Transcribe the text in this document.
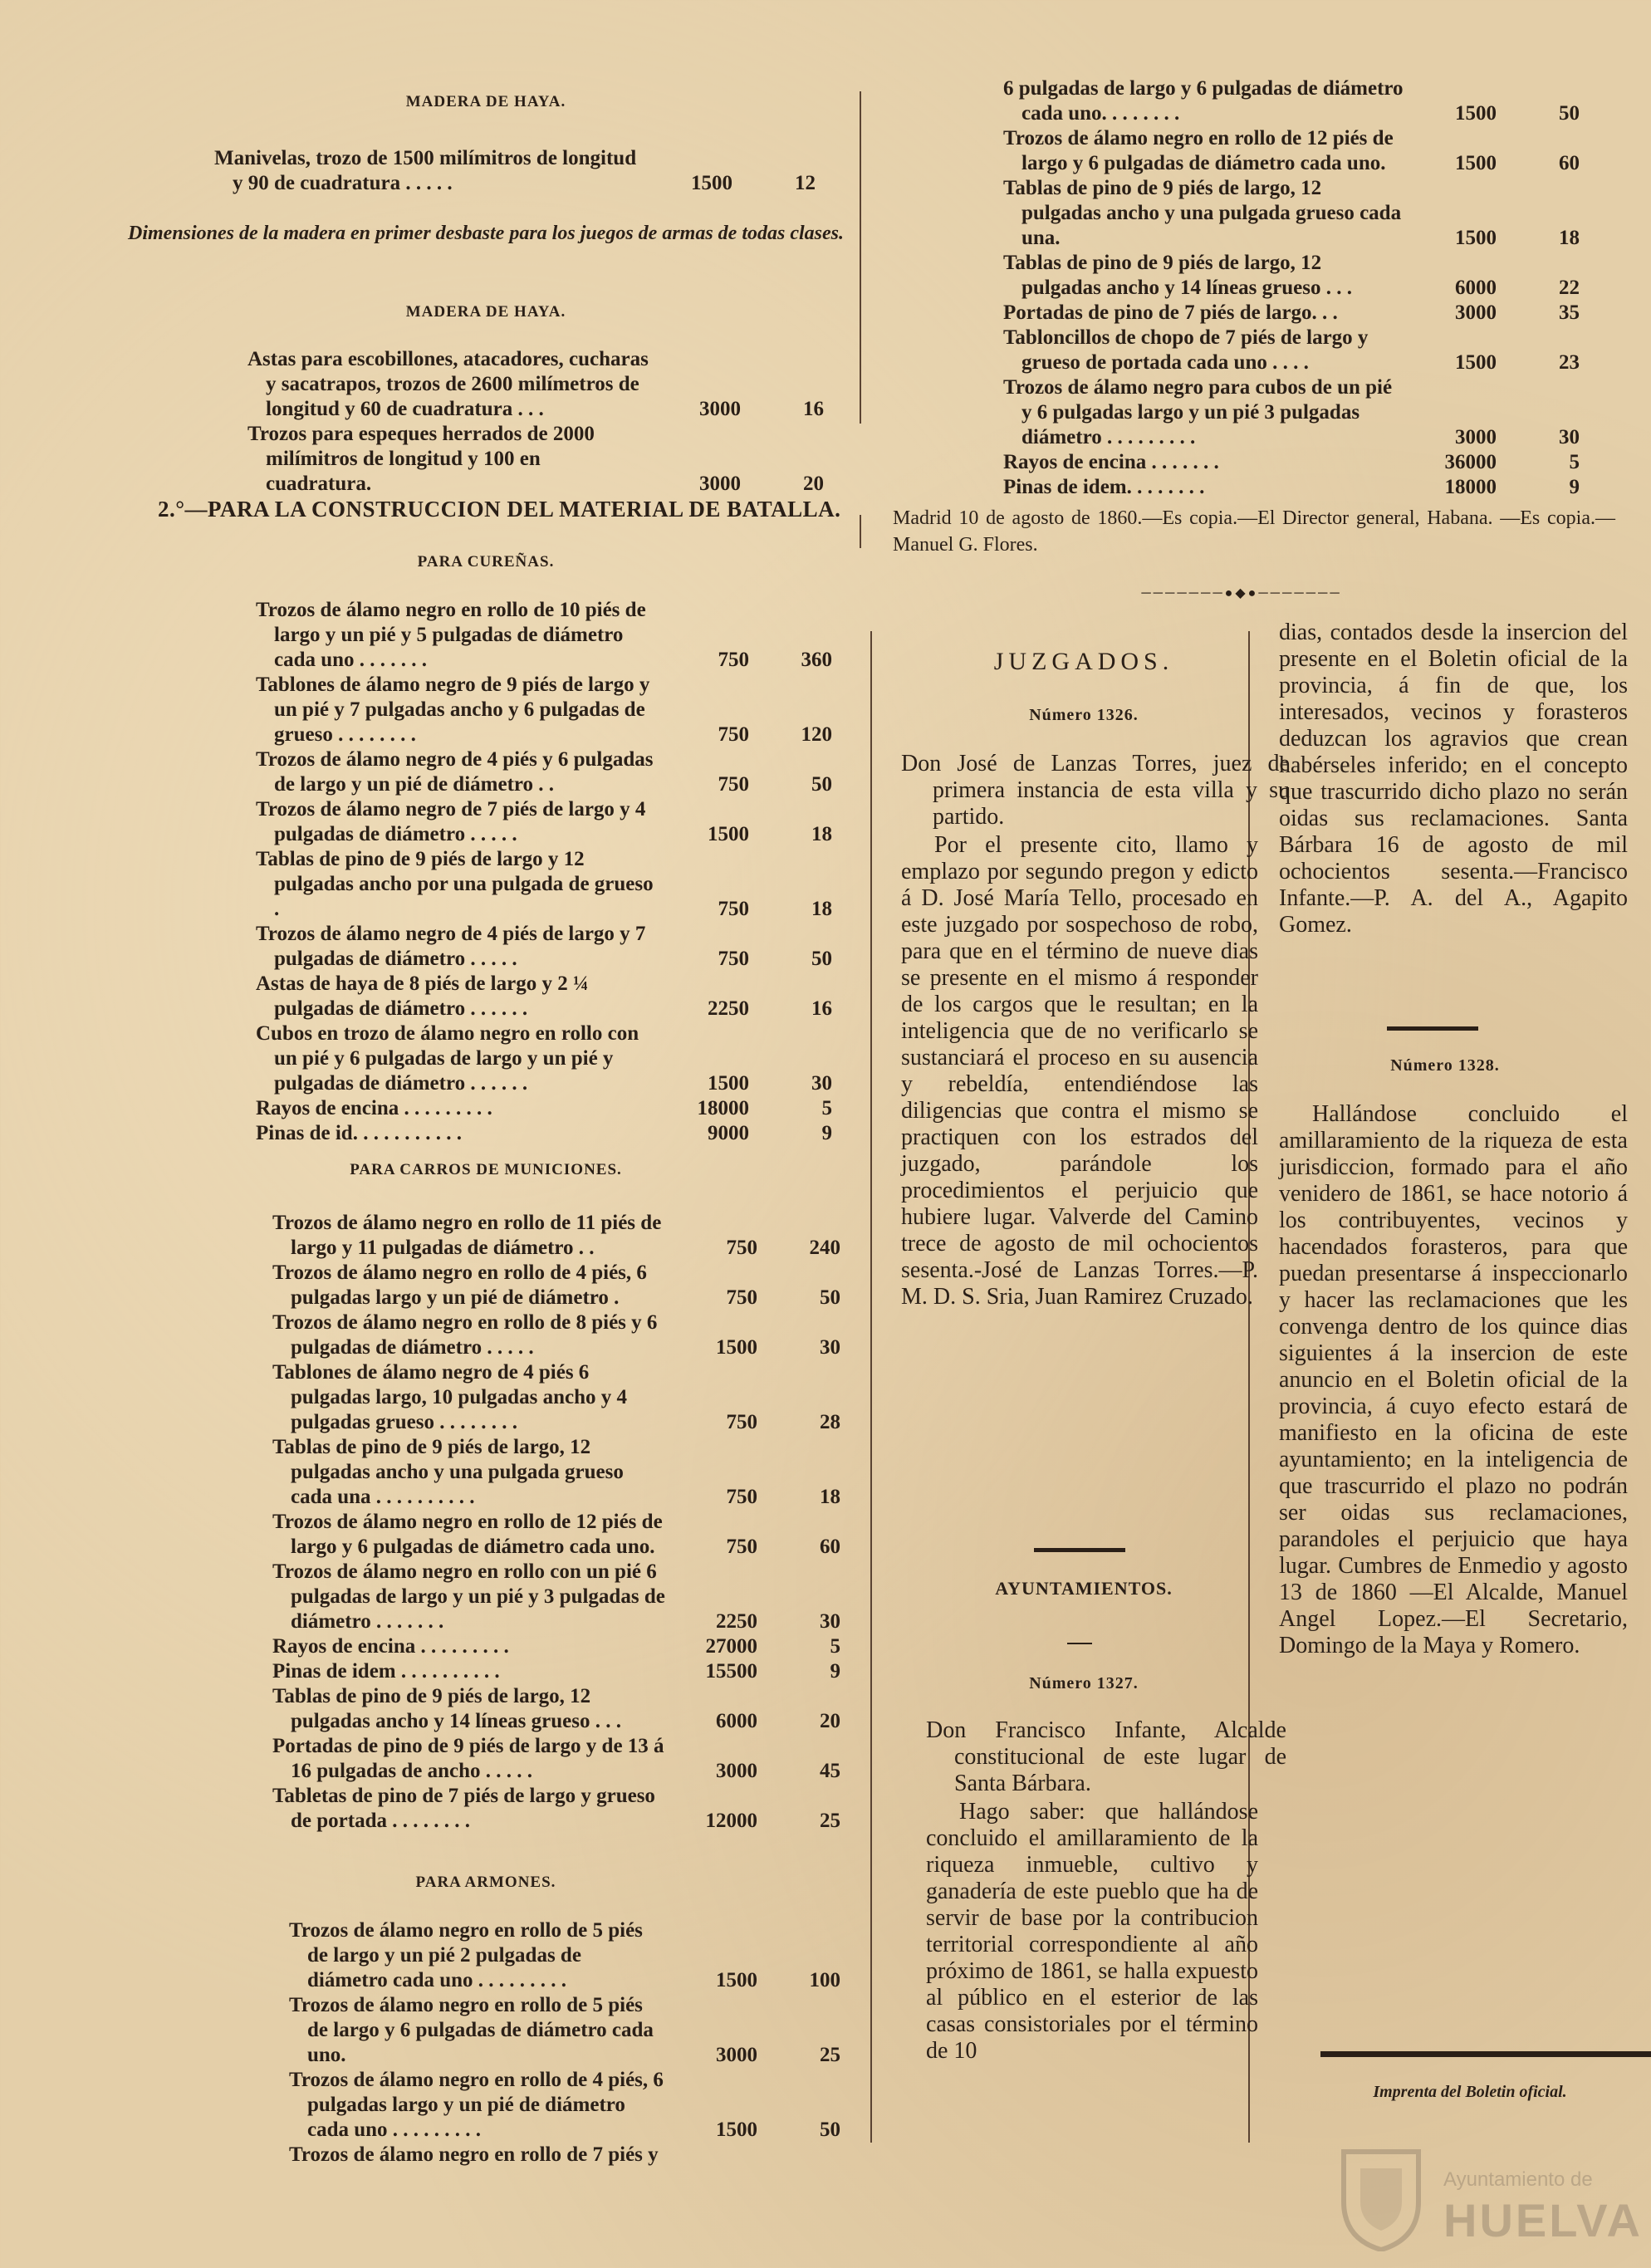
MADERA DE HAYA.
Manivelas, trozo de 1500 milímitros de longitud y 90 de cuadratura . . . . .	1500	12
Dimensiones de la madera en primer desbaste para los juegos de armas de todas clases.
MADERA DE HAYA.
Astas para escobillones, atacadores, cucharas y sacatrapos, trozos de 2600 milímetros de longitud y 60 de cuadratura . . .	3000	16
Trozos para espeques herrados de 2000 milímitros de longitud y 100 en cuadratura.	3000	20
2.°—PARA LA CONSTRUCCION DEL MATERIAL DE BATALLA.
PARA CUREÑAS.
Trozos de álamo negro en rollo de 10 piés de largo y un pié y 5 pulgadas de diámetro cada uno . . . . . . .	750	360
Tablones de álamo negro de 9 piés de largo y un pié y 7 pulgadas ancho y 6 pulgadas de grueso . . . . . . . .	750	120
Trozos de álamo negro de 4 piés y 6 pulgadas de largo y un pié de diámetro . .	750	50
Trozos de álamo negro de 7 piés de largo y 4 pulgadas de diámetro . . . . .	1500	18
Tablas de pino de 9 piés de largo y 12 pulgadas ancho por una pulgada de grueso .	750	18
Trozos de álamo negro de 4 piés de largo y 7 pulgadas de diámetro . . . . .	750	50
Astas de haya de 8 piés de largo y 2 ¼ pulgadas de diámetro . . . . . .	2250	16
Cubos en trozo de álamo negro en rollo con un pié y 6 pulgadas de largo y un pié y pulgadas de diámetro . . . . . .	1500	30
Rayos de encina . . . . . . . . .	18000	5
Pinas de id. . . . . . . . . . .	9000	9
PARA CARROS DE MUNICIONES.
Trozos de álamo negro en rollo de 11 piés de largo y 11 pulgadas de diámetro . .	750	240
Trozos de álamo negro en rollo de 4 piés, 6 pulgadas largo y un pié de diámetro .	750	50
Trozos de álamo negro en rollo de 8 piés y 6 pulgadas de diámetro . . . . .	1500	30
Tablones de álamo negro de 4 piés 6 pulgadas largo, 10 pulgadas ancho y 4 pulgadas grueso . . . . . . . .	750	28
Tablas de pino de 9 piés de largo, 12 pulgadas ancho y una pulgada grueso cada una . . . . . . . . . .	750	18
Trozos de álamo negro en rollo de 12 piés de largo y 6 pulgadas de diámetro cada uno.	750	60
Trozos de álamo negro en rollo con un pié 6 pulgadas de largo y un pié y 3 pulgadas de diámetro . . . . . . .	2250	30
Rayos de encina . . . . . . . . .	27000	5
Pinas de idem . . . . . . . . . .	15500	9
Tablas de pino de 9 piés de largo, 12 pulgadas ancho y 14 líneas grueso . . .	6000	20
Portadas de pino de 9 piés de largo y de 13 á 16 pulgadas de ancho . . . . .	3000	45
Tabletas de pino de 7 piés de largo y grueso de portada . . . . . . . .	12000	25
PARA ARMONES.
Trozos de álamo negro en rollo de 5 piés de largo y un pié 2 pulgadas de diámetro cada uno . . . . . . . . .	1500	100
Trozos de álamo negro en rollo de 5 piés de largo y 6 pulgadas de diámetro cada uno.	3000	25
Trozos de álamo negro en rollo de 4 piés, 6 pulgadas largo y un pié de diámetro cada uno . . . . . . . . .	1500	50
Trozos de álamo negro en rollo de 7 piés y		
6 pulgadas de largo y 6 pulgadas de diámetro cada uno. . . . . . . .	1500	50
Trozos de álamo negro en rollo de 12 piés de largo y 6 pulgadas de diámetro cada uno.	1500	60
Tablas de pino de 9 piés de largo, 12 pulgadas ancho y una pulgada grueso cada una.	1500	18
Tablas de pino de 9 piés de largo, 12 pulgadas ancho y 14 líneas grueso . . .	6000	22
Portadas de pino de 7 piés de largo. . .	3000	35
Tabloncillos de chopo de 7 piés de largo y grueso de portada cada uno . . . .	1500	23
Trozos de álamo negro para cubos de un pié y 6 pulgadas largo y un pié 3 pulgadas diámetro . . . . . . . . .	3000	30
Rayos de encina . . . . . . .	36000	5
Pinas de idem. . . . . . . .	18000	9
Madrid 10 de agosto de 1860.—Es copia.—El Director general, Habana. —Es copia.—Manuel G. Flores.
───────●◆●───────
JUZGADOS.
Número 1326.
Don José de Lanzas Torres, juez de primera instancia de esta villa y su partido.
Por el presente cito, llamo y emplazo por segundo pregon y edicto á D. José María Tello, procesado en este juzgado por sospechoso de robo, para que en el término de nueve dias se presente en el mismo á responder de los cargos que le resultan; en la inteligencia que de no verificarlo se sustanciará el proceso en su ausencia y rebeldía, entendiéndose las diligencias que contra el mismo se practiquen con los estrados del juzgado, parándole los procedimientos el perjuicio que hubiere lugar. Valverde del Camino trece de agosto de mil ochocientos sesenta.-José de Lanzas Torres.—P. M. D. S. Sria, Juan Ramirez Cruzado.
AYUNTAMIENTOS.
Número 1327.
Don Francisco Infante, Alcalde constitucional de este lugar de Santa Bárbara.
Hago saber: que hallándose concluido el amillaramiento de la riqueza inmueble, cultivo y ganadería de este pueblo que ha de servir de base por la contribucion territorial correspondiente al año próximo de 1861, se halla expuesto al público en el esterior de las casas consistoriales por el término de 10
dias, contados desde la insercion del presente en el Boletin oficial de la provincia, á fin de que, los interesados, vecinos y forasteros deduzcan los agravios que crean habérseles inferido; en el concepto que trascurrido dicho plazo no serán oidas sus reclamaciones. Santa Bárbara 16 de agosto de mil ochocientos sesenta.—Francisco Infante.—P. A. del A., Agapito Gomez.
Número 1328.
Hallándose concluido el amillaramiento de la riqueza de esta jurisdiccion, formado para el año venidero de 1861, se hace notorio á los contribuyentes, vecinos y hacendados forasteros, para que puedan presentarse á inspeccionarlo y hacer las reclamaciones que les convenga dentro de los quince dias siguientes á la insercion de este anuncio en el Boletin oficial de la provincia, á cuyo efecto estará de manifiesto en la oficina de este ayuntamiento; en la inteligencia de que trascurrido el plazo no podrán ser oidas sus reclamaciones, parandoles el perjuicio que haya lugar. Cumbres de Enmedio y agosto 13 de 1860 —El Alcalde, Manuel Angel Lopez.—El Secretario, Domingo de la Maya y Romero.
Imprenta del Boletin oficial.
Ayuntamiento de
HUELVA
